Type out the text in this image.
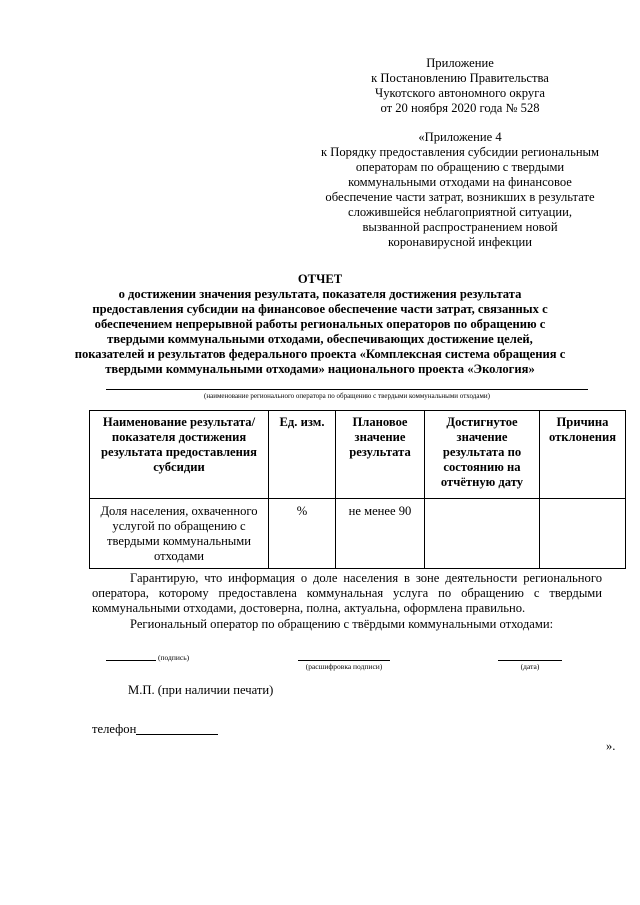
Приложение
к Постановлению Правительства
Чукотского автономного округа
от 20 ноября 2020 года № 528
«Приложение 4
к Порядку предоставления субсидии региональным
операторам по обращению с твердыми
коммунальными отходами на финансовое
обеспечение части затрат, возникших в результате
сложившейся неблагоприятной ситуации,
вызванной распространением новой
коронавирусной инфекции
ОТЧЕТ
о достижении значения результата, показателя достижения результата
предоставления субсидии на финансовое обеспечение части затрат, связанных с
обеспечением непрерывной работы региональных операторов по обращению с
твердыми коммунальными отходами, обеспечивающих достижение целей,
показателей и результатов федерального проекта «Комплексная система обращения с
твердыми коммунальными отходами» национального проекта «Экология»
(наименование регионального оператора по обращению с твердыми коммунальными отходами)
Наименование результата/ показателя достижения результата предоставления субсидии	Ед. изм.	Плановое значение результата	Достигнутое значение результата по состоянию на отчётную дату	Причина отклонения
Доля населения, охваченного услугой по обращению с твердыми коммунальными отходами	%	не менее 90		
Гарантирую, что информация о доле населения в зоне деятельности регионального оператора, которому предоставлена коммунальная услуга по обращению с твердыми коммунальными отходами, достоверна, полна, актуальна, оформлена правильно.
Региональный оператор по обращению с твёрдыми коммунальными отходами:
(подпись)
(расшифровка подписи)	(дата)
М.П. (при наличии печати)
телефон
».
